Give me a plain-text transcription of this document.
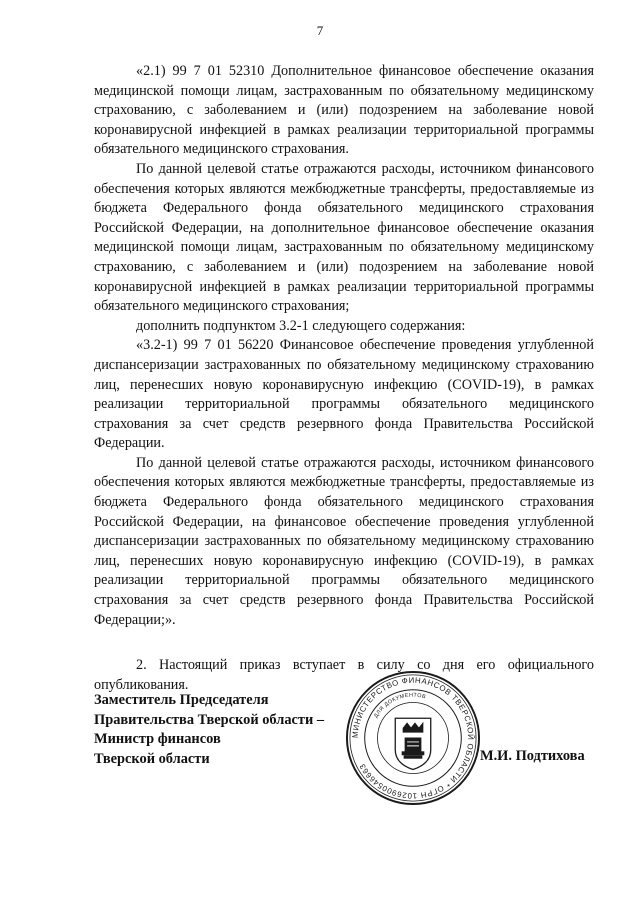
7

«2.1) 99 7 01 52310 Дополнительное финансовое обеспечение оказания медицинской помощи лицам, застрахованным по обязательному медицинскому страхованию, с заболеванием и (или) подозрением на заболевание новой коронавирусной инфекцией в рамках реализации территориальной программы обязательного медицинского страхования.

По данной целевой статье отражаются расходы, источником финансового обеспечения которых являются межбюджетные трансферты, предоставляемые из бюджета Федерального фонда обязательного медицинского страхования Российской Федерации, на дополнительное финансовое обеспечение оказания медицинской помощи лицам, застрахованным по обязательному медицинскому страхованию, с заболеванием и (или) подозрением на заболевание новой коронавирусной инфекцией в рамках реализации территориальной программы обязательного медицинского страхования;

дополнить подпунктом 3.2-1 следующего содержания:

«3.2-1) 99 7 01 56220 Финансовое обеспечение проведения углубленной диспансеризации застрахованных по обязательному медицинскому страхованию лиц, перенесших новую коронавирусную инфекцию (COVID-19), в рамках реализации территориальной программы обязательного медицинского страхования за счет средств резервного фонда Правительства Российской Федерации.

По данной целевой статье отражаются расходы, источником финансового обеспечения которых являются межбюджетные трансферты, предоставляемые из бюджета Федерального фонда обязательного медицинского страхования Российской Федерации, на финансовое обеспечение проведения углубленной диспансеризации застрахованных по обязательному медицинскому страхованию лиц, перенесших новую коронавирусную инфекцию (COVID-19), в рамках реализации территориальной программы обязательного медицинского страхования за счет средств резервного фонда Правительства Российской Федерации;».

2. Настоящий приказ вступает в силу со дня его официального опубликования.

Заместитель Председателя
Правительства Тверской области –
Министр финансов
Тверской области
МИНИСТЕРСТВО ФИНАНСОВ ТВЕРСКОЙ ОБЛАСТИ * ОГРН 1026900546663
ДЛЯ ДОКУМЕНТОВ
М.И. Подтихова
